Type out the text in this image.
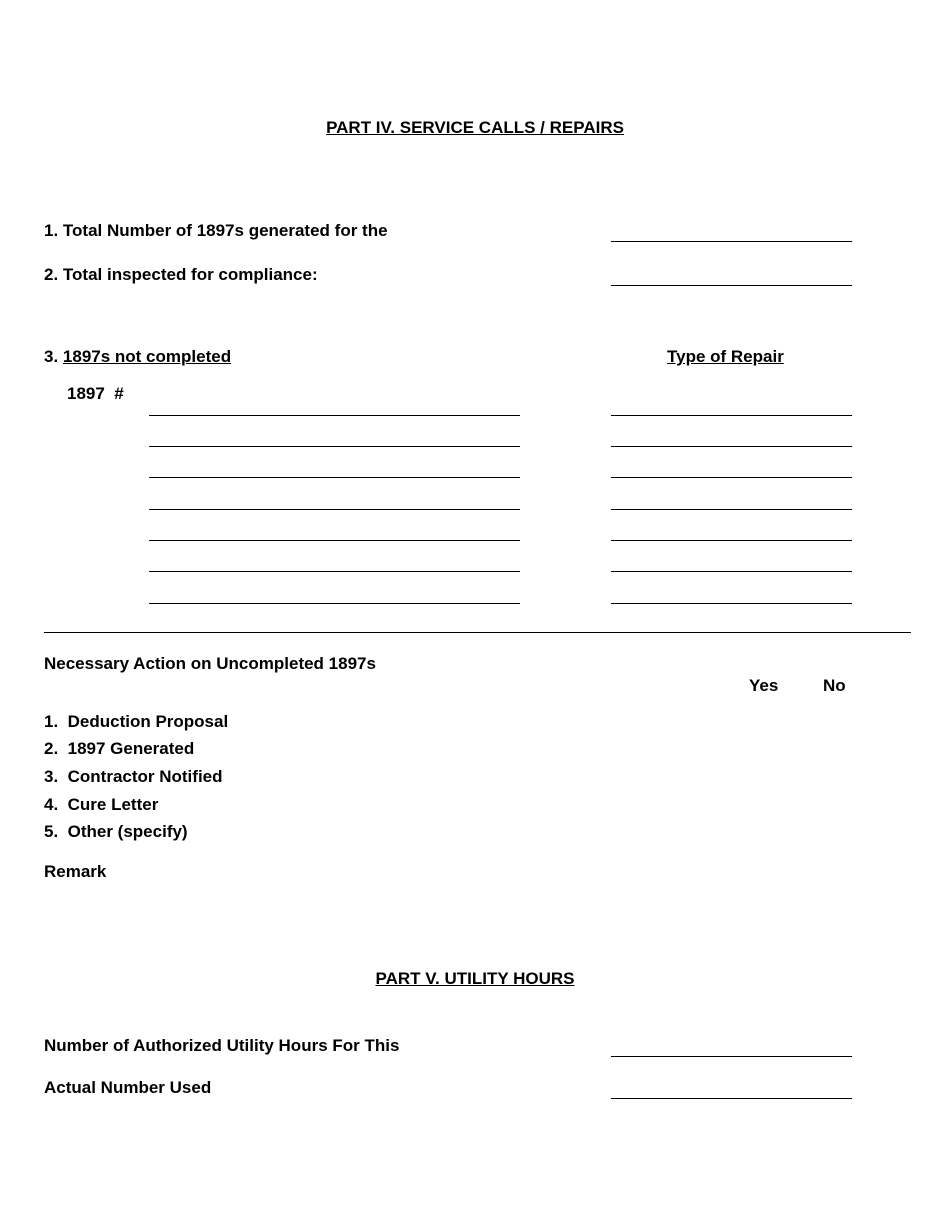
PART IV. SERVICE CALLS / REPAIRS
1. Total Number of 1897s generated for the
2. Total inspected for compliance:
3. 1897s not completed	Type of Repair
1897  #
Necessary Action on Uncompleted 1897s
Yes	No
1.  Deduction Proposal
2.  1897 Generated
3.  Contractor Notified
4.  Cure Letter
5.  Other (specify)
Remark
PART V. UTILITY HOURS
Number of Authorized Utility Hours For This
Actual Number Used
